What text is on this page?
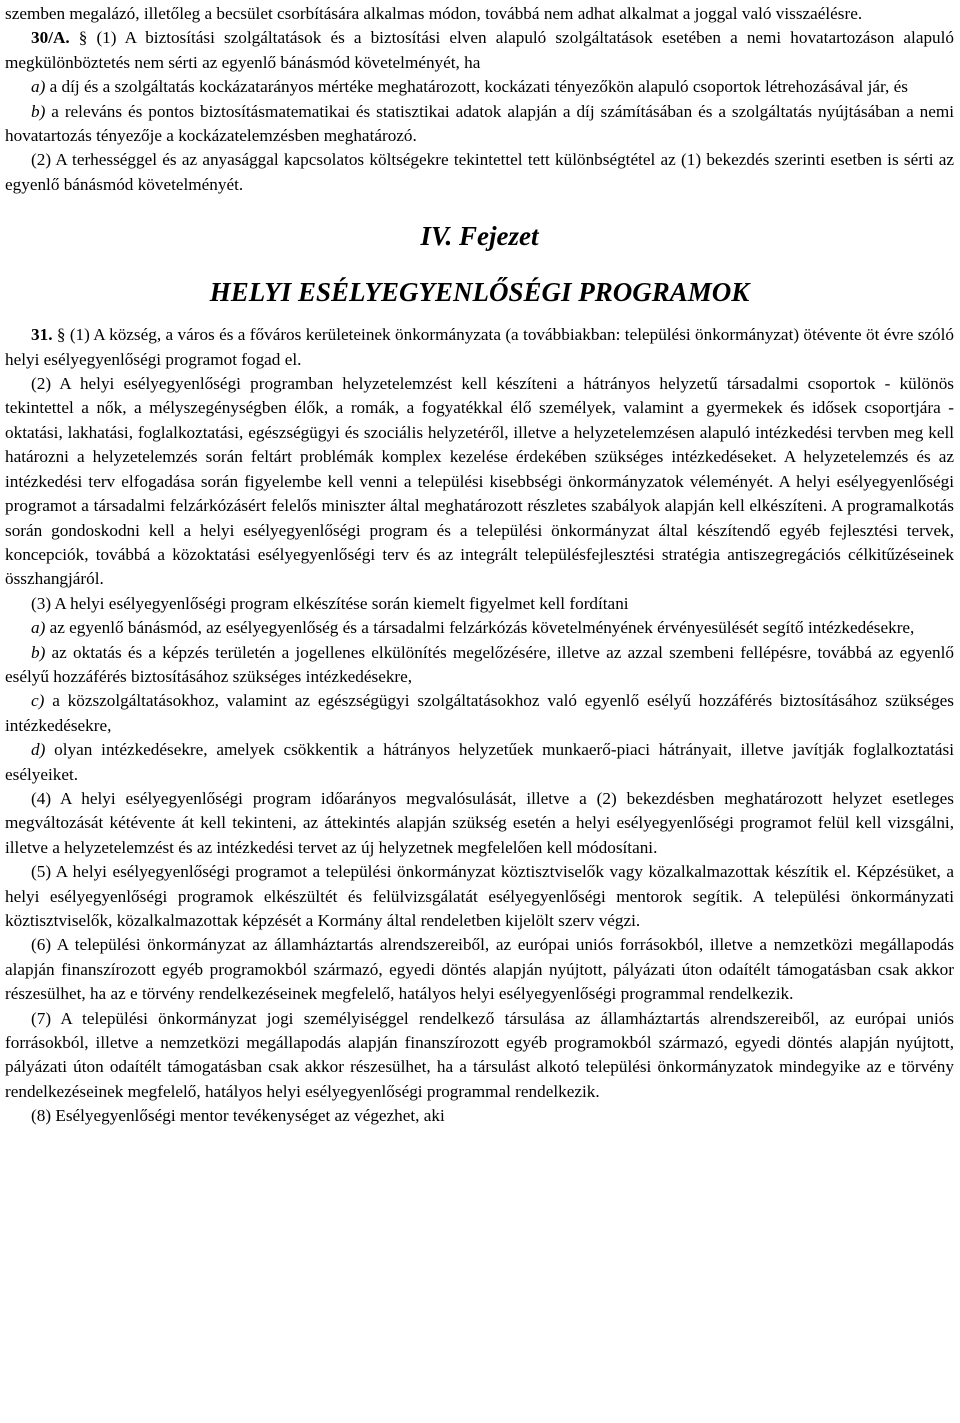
szemben megalázó, illetőleg a becsület csorbítására alkalmas módon, továbbá nem adhat alkalmat a joggal való visszaélésre.

30/A. § (1) A biztosítási szolgáltatások és a biztosítási elven alapuló szolgáltatások esetében a nemi hovatartozáson alapuló megkülönböztetés nem sérti az egyenlő bánásmód követelményét, ha

a) a díj és a szolgáltatás kockázatarányos mértéke meghatározott, kockázati tényezőkön alapuló csoportok létrehozásával jár, és

b) a releváns és pontos biztosításmatematikai és statisztikai adatok alapján a díj számításában és a szolgáltatás nyújtásában a nemi hovatartozás tényezője a kockázatelemzésben meghatározó.

(2) A terhességgel és az anyasággal kapcsolatos költségekre tekintettel tett különbségtétel az (1) bekezdés szerinti esetben is sérti az egyenlő bánásmód követelményét.

IV. Fejezet
HELYI ESÉLYEGYENLŐSÉGI PROGRAMOK

31. § (1) A község, a város és a főváros kerületeinek önkormányzata (a továbbiakban: települési önkormányzat) ötévente öt évre szóló helyi esélyegyenlőségi programot fogad el.

(2) A helyi esélyegyenlőségi programban helyzetelemzést kell készíteni a hátrányos helyzetű társadalmi csoportok - különös tekintettel a nők, a mélyszegénységben élők, a romák, a fogyatékkal élő személyek, valamint a gyermekek és idősek csoportjára - oktatási, lakhatási, foglalkoztatási, egészségügyi és szociális helyzetéről, illetve a helyzetelemzésen alapuló intézkedési tervben meg kell határozni a helyzetelemzés során feltárt problémák komplex kezelése érdekében szükséges intézkedéseket. A helyzetelemzés és az intézkedési terv elfogadása során figyelembe kell venni a települési kisebbségi önkormányzatok véleményét. A helyi esélyegyenlőségi programot a társadalmi felzárkózásért felelős miniszter által meghatározott részletes szabályok alapján kell elkészíteni. A programalkotás során gondoskodni kell a helyi esélyegyenlőségi program és a települési önkormányzat által készítendő egyéb fejlesztési tervek, koncepciók, továbbá a közoktatási esélyegyenlőségi terv és az integrált településfejlesztési stratégia antiszegregációs célkitűzéseinek összhangjáról.

(3) A helyi esélyegyenlőségi program elkészítése során kiemelt figyelmet kell fordítani

a) az egyenlő bánásmód, az esélyegyenlőség és a társadalmi felzárkózás követelményének érvényesülését segítő intézkedésekre,

b) az oktatás és a képzés területén a jogellenes elkülönítés megelőzésére, illetve az azzal szembeni fellépésre, továbbá az egyenlő esélyű hozzáférés biztosításához szükséges intézkedésekre,

c) a közszolgáltatásokhoz, valamint az egészségügyi szolgáltatásokhoz való egyenlő esélyű hozzáférés biztosításához szükséges intézkedésekre,

d) olyan intézkedésekre, amelyek csökkentik a hátrányos helyzetűek munkaerő-piaci hátrányait, illetve javítják foglalkoztatási esélyeiket.

(4) A helyi esélyegyenlőségi program időarányos megvalósulását, illetve a (2) bekezdésben meghatározott helyzet esetleges megváltozását kétévente át kell tekinteni, az áttekintés alapján szükség esetén a helyi esélyegyenlőségi programot felül kell vizsgálni, illetve a helyzetelemzést és az intézkedési tervet az új helyzetnek megfelelően kell módosítani.

(5) A helyi esélyegyenlőségi programot a települési önkormányzat köztisztviselők vagy közalkalmazottak készítik el. Képzésüket, a helyi esélyegyenlőségi programok elkészültét és felülvizsgálatát esélyegyenlőségi mentorok segítik. A települési önkormányzati köztisztviselők, közalkalmazottak képzését a Kormány által rendeletben kijelölt szerv végzi.

(6) A települési önkormányzat az államháztartás alrendszereiből, az európai uniós forrásokból, illetve a nemzetközi megállapodás alapján finanszírozott egyéb programokból származó, egyedi döntés alapján nyújtott, pályázati úton odaítélt támogatásban csak akkor részesülhet, ha az e törvény rendelkezéseinek megfelelő, hatályos helyi esélyegyenlőségi programmal rendelkezik.

(7) A települési önkormányzat jogi személyiséggel rendelkező társulása az államháztartás alrendszereiből, az európai uniós forrásokból, illetve a nemzetközi megállapodás alapján finanszírozott egyéb programokból származó, egyedi döntés alapján nyújtott, pályázati úton odaítélt támogatásban csak akkor részesülhet, ha a társulást alkotó települési önkormányzatok mindegyike az e törvény rendelkezéseinek megfelelő, hatályos helyi esélyegyenlőségi programmal rendelkezik.

(8) Esélyegyenlőségi mentor tevékenységet az végezhet, aki
